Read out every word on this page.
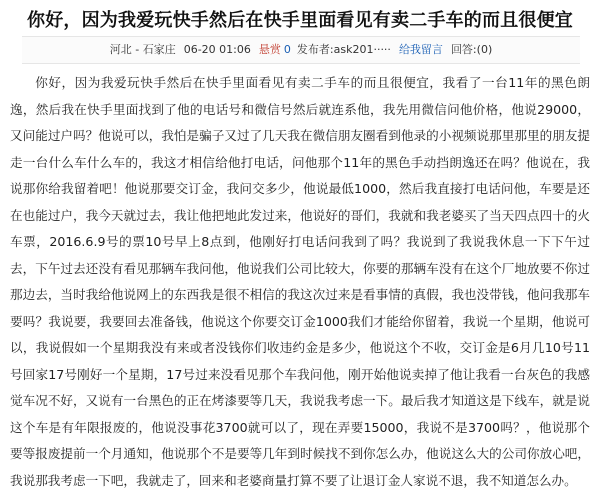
你好，因为我爱玩快手然后在快手里面看见有卖二手车的而且很便宜
河北 - 石家庄 06-20 01:06 悬赏 0 发布者: ask201····· 给我留言 回答: (0)

你好，因为我爱玩快手然后在快手里面看见有卖二手车的而且很便宜，我看了一台11年的黑色朗逸，然后我在快手里面找到了他的电话号和微信号然后就连系他，我先用微信问他价格，他说29000，又问能过户吗？他说可以，我怕是骗子又过了几天我在微信朋友圈看到他录的小视频说那里那里的朋友提走一台什么车什么车的，我这才相信给他打电话，问他那个11年的黑色手动挡朗逸还在吗？他说在，我说那你给我留着吧！他说那要交订金，我问交多少，他说最低1000，然后我直接打电话问他，车要是还在也能过户，我今天就过去，我让他把地此发过来，他说好的哥们，我就和我老婆买了当天四点四十的火车票，2016.6.9号的票10号早上8点到，他刚好打电话问我到了吗？我说到了我说我休息一下下午过去，下午过去还没有看见那辆车我问他，他说我们公司比较大，你要的那辆车没有在这个厂地放要不你过那边去，当时我给他说网上的东西我是很不相信的我这次过来是看事情的真假，我也没带钱，他问我那车要吗？我说要，我要回去准备钱，他说这个你要交订金1000我们才能给你留着，我说一个星期，他说可以，我说假如一个星期我没有来或者没钱你们收违约金是多少，他说这个不收，交订金是6月几10号11号回家17号刚好一个星期，17号过来没看见那个车我问他，刚开始他说卖掉了他让我看一台灰色的我感觉车况不好，又说有一台黑色的正在烤漆要等几天，我说我考虑一下。最后我才知道这是下线车，就是说这个车是有年限报废的，他说没事花3700就可以了，现在弄要15000，我说不是3700吗？，他说那个要等报废提前一个月通知，他说那个不是要等几年到时候找不到你怎么办，他说这么大的公司你放心吧，我说那我考虑一下吧，我就走了，回来和老婆商量打算不要了让退订金人家说不退，我不知道怎么办。
